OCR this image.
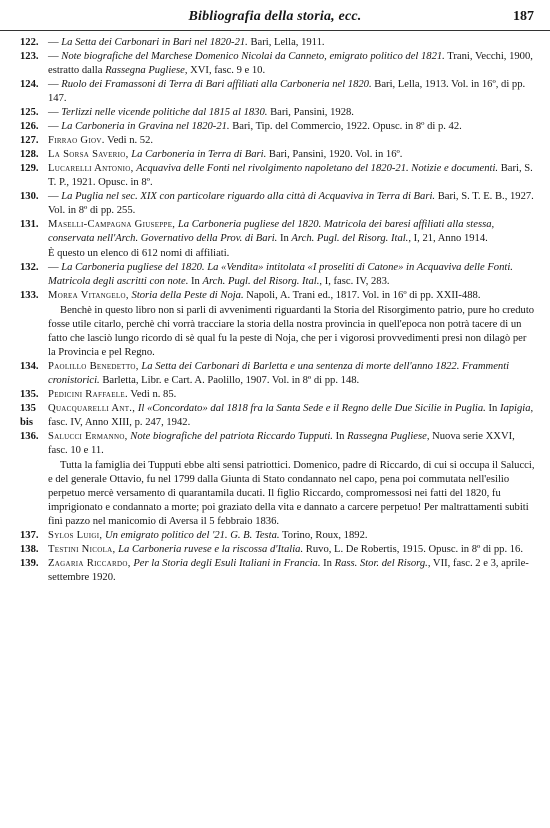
Bibliografia della storia, ecc.	187
122. — La Setta dei Carbonari in Bari nel 1820-21. Bari, Lella, 1911.
123. — Note biografiche del Marchese Domenico Nicolai da Canneto, emigrato politico del 1821. Trani, Vecchi, 1900, estratto dalla Rassegna Pugliese, XVI, fasc. 9 e 10.
124. — Ruolo dei Framassoni di Terra di Bari affiliati alla Carboneria nel 1820. Bari, Lella, 1913. Vol. in 16º, di pp. 147.
125. — Terlizzi nelle vicende politiche dal 1815 al 1830. Bari, Pansini, 1928.
126. — La Carboneria in Gravina nel 1820-21. Bari, Tip. del Commercio, 1922. Opusc. in 8º di p. 42.
127. Firrao Giov. Vedi n. 52.
128. La Sorsa Saverio, La Carboneria in Terra di Bari. Bari, Pansini, 1920. Vol. in 16º.
129. Lucarelli Antonio, Acquaviva delle Fonti nel rivolgimento napoletano del 1820-21. Notizie e documenti. Bari, S. T. P., 1921. Opusc. in 8º.
130. — La Puglia nel sec. XIX con particolare riguardo alla città di Acquaviva in Terra di Bari. Bari, S. T. E. B., 1927. Vol. in 8º di pp. 255.
131. Maselli-Campagna Giuseppe, La Carboneria pugliese del 1820. Matricola dei baresi affiliati alla stessa, conservata nell'Arch. Governativo della Prov. di Bari. In Arch. Pugl. del Risorg. Ital., I, 21, Anno 1914.
È questo un elenco di 612 nomi di affiliati.
132. — La Carboneria pugliese del 1820. La «Vendita» intitolata «I proseliti di Catone» in Acquaviva delle Fonti. Matricola degli ascritti con note. In Arch. Pugl. del Risorg. Ital., I, fasc. IV, 283.
133. Morea Vitangelo, Storia della Peste di Noja. Napoli, A. Trani ed., 1817. Vol. in 16º di pp. XXII-488.
Benchè in questo libro non si parli di avvenimenti riguardanti la Storia del Risorgimento patrio, pure ho creduto fosse utile citarlo, perchè chi vorrà tracciare la storia della nostra provincia in quell'epoca non potrà tacere di un fatto che lasciò lungo ricordo di sè qual fu la peste di Noja, che per i vigorosi provvedimenti presi non dilagò per la Provincia e pel Regno.
134. Paolillo Benedetto, La Setta dei Carbonari di Barletta e una sentenza di morte dell'anno 1822. Frammenti cronistorici. Barletta, Libr. e Cart. A. Paolillo, 1907. Vol. in 8º di pp. 148.
135. Pedicini Raffaele. Vedi n. 85.
135 bis
Quacquarelli Ant., Il «Concordato» dal 1818 fra la Santa Sede e il Regno delle Due Sicilie in Puglia. In Iapigia, fasc. IV, Anno XIII, p. 247, 1942.
136. Salucci Ermanno, Note biografiche del patriota Riccardo Tupputi. In Rassegna Pugliese, Nuova serie XXVI, fasc. 10 e 11.
Tutta la famiglia dei Tupputi ebbe alti sensi patriottici. Domenico, padre di Riccardo, di cui si occupa il Salucci, e del generale Ottavio, fu nel 1799 dalla Giunta di Stato condannato nel capo, pena poi commutata nell'esilio perpetuo mercè versamento di quarantamila ducati. Il figlio Riccardo, compromessosi nei fatti del 1820, fu imprigionato e condannato a morte; poi graziato della vita e dannato a carcere perpetuo! Per maltrattamenti subiti finì pazzo nel manicomio di Aversa il 5 febbraio 1836.
137. Sylos Luigi, Un emigrato politico del '21. G. B. Testa. Torino, Roux, 1892.
138. Testini Nicola, La Carboneria ruvese e la riscossa d'Italia. Ruvo, L. De Robertis, 1915. Opusc. in 8º di pp. 16.
139. Zagaria Riccardo, Per la Storia degli Esuli Italiani in Francia. In Rass. Stor. del Risorg., VII, fasc. 2 e 3, aprile-settembre 1920.
